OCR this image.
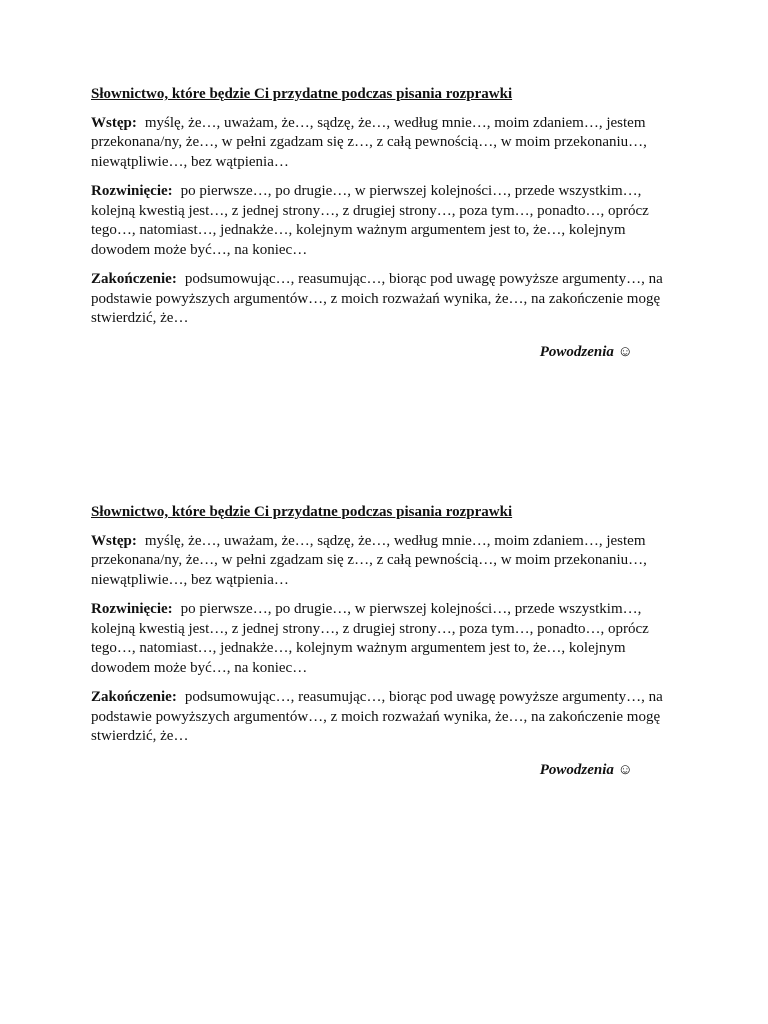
Słownictwo, które będzie Ci przydatne podczas pisania rozprawki
Wstęp: myślę, że…, uważam, że…, sądzę, że…, według mnie…, moim zdaniem…, jestem przekonana/ny, że…, w pełni zgadzam się z…, z całą pewnością…, w moim przekonaniu…, niewątpliwie…, bez wątpienia…
Rozwinięcie: po pierwsze…, po drugie…, w pierwszej kolejności…, przede wszystkim…, kolejną kwestią jest…, z jednej strony…, z drugiej strony…, poza tym…, ponadto…, oprócz tego…, natomiast…, jednakże…, kolejnym ważnym argumentem jest to, że…, kolejnym dowodem może być…, na koniec…
Zakończenie: podsumowując…, reasumując…, biorąc pod uwagę powyższe argumenty…, na podstawie powyższych argumentów…, z moich rozważań wynika, że…, na zakończenie mogę stwierdzić, że…
Powodzenia ☺
Słownictwo, które będzie Ci przydatne podczas pisania rozprawki
Wstęp: myślę, że…, uważam, że…, sądzę, że…, według mnie…, moim zdaniem…, jestem przekonana/ny, że…, w pełni zgadzam się z…, z całą pewnością…, w moim przekonaniu…, niewątpliwie…, bez wątpienia…
Rozwinięcie: po pierwsze…, po drugie…, w pierwszej kolejności…, przede wszystkim…, kolejną kwestią jest…, z jednej strony…, z drugiej strony…, poza tym…, ponadto…, oprócz tego…, natomiast…, jednakże…, kolejnym ważnym argumentem jest to, że…, kolejnym dowodem może być…, na koniec…
Zakończenie: podsumowując…, reasumując…, biorąc pod uwagę powyższe argumenty…, na podstawie powyższych argumentów…, z moich rozważań wynika, że…, na zakończenie mogę stwierdzić, że…
Powodzenia ☺
